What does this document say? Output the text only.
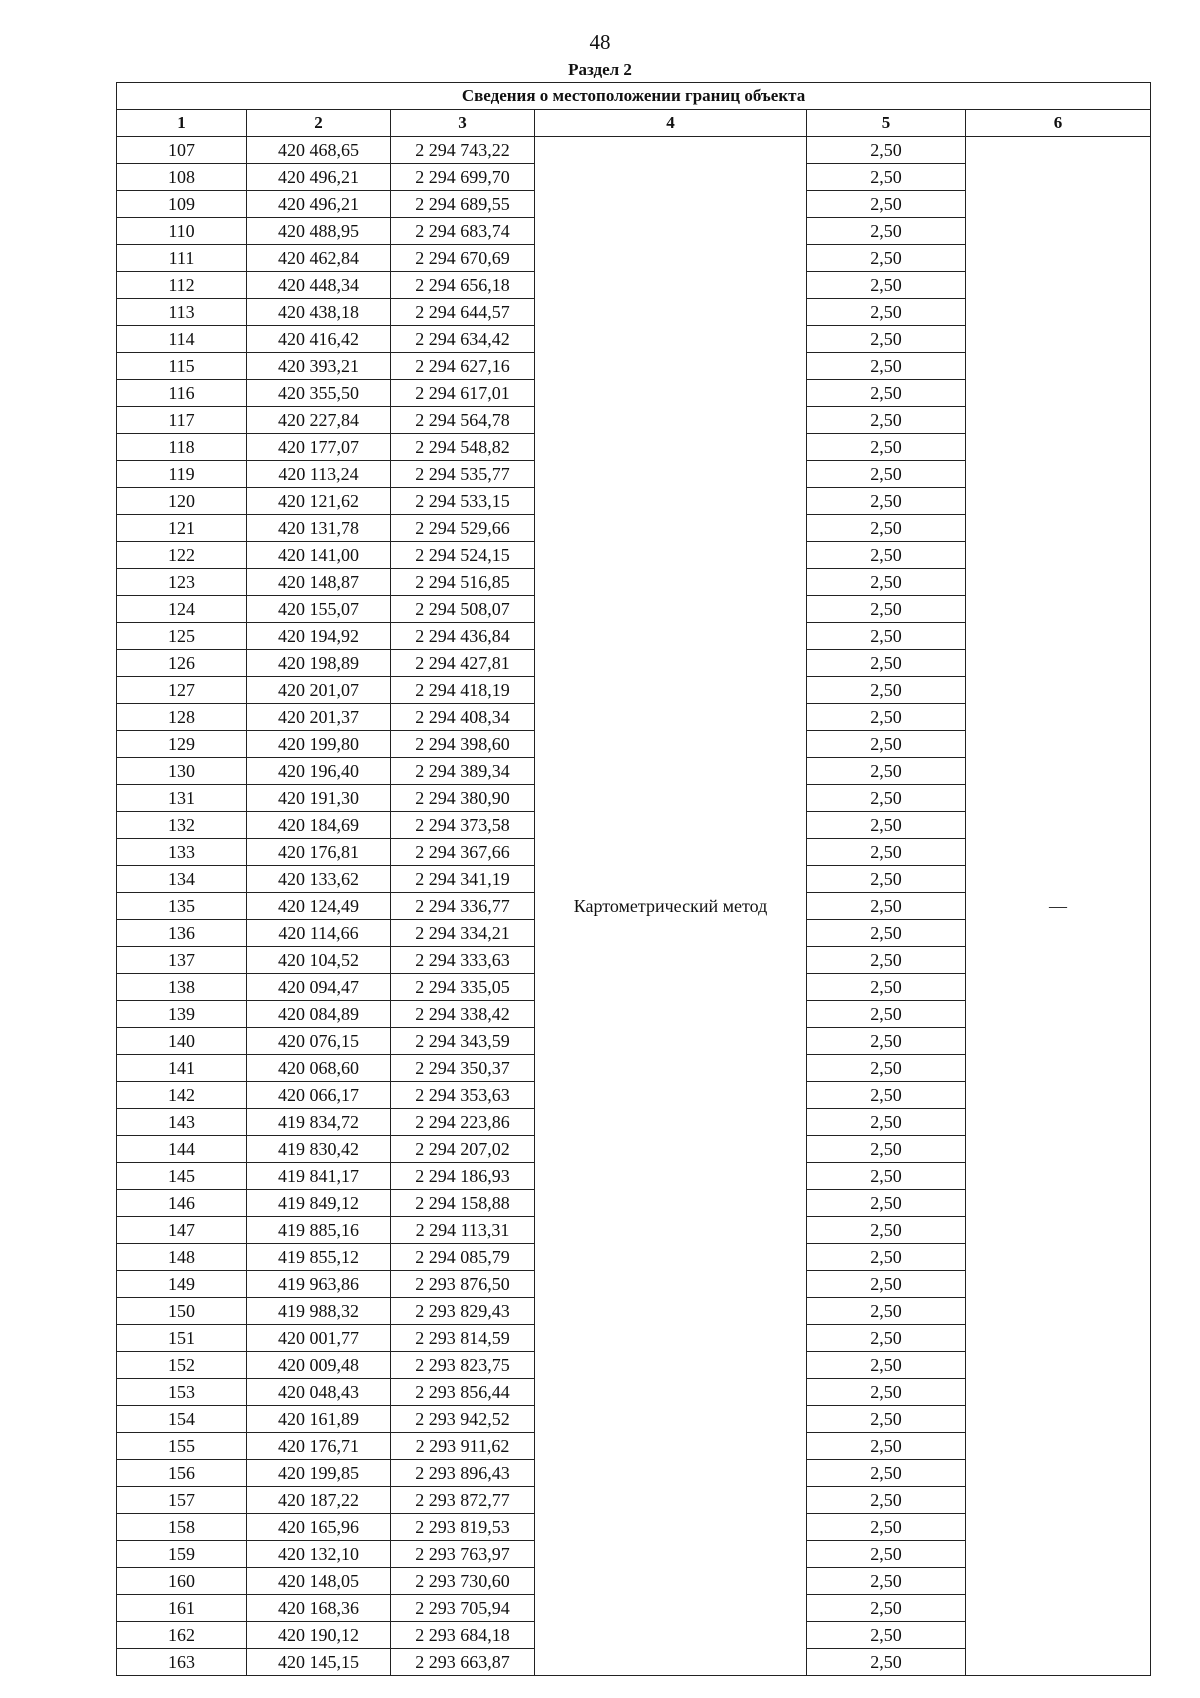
48
Раздел 2
Сведения о местоположении границ объекта					
1	2	3	4	5	6
107	420 468,65	2 294 743,22	Картометрический метод	2,50	—
108	420 496,21	2 294 699,70		2,50	
109	420 496,21	2 294 689,55		2,50	
110	420 488,95	2 294 683,74		2,50	
111	420 462,84	2 294 670,69		2,50	
112	420 448,34	2 294 656,18		2,50	
113	420 438,18	2 294 644,57		2,50	
114	420 416,42	2 294 634,42		2,50	
115	420 393,21	2 294 627,16		2,50	
116	420 355,50	2 294 617,01		2,50	
117	420 227,84	2 294 564,78		2,50	
118	420 177,07	2 294 548,82		2,50	
119	420 113,24	2 294 535,77		2,50	
120	420 121,62	2 294 533,15		2,50	
121	420 131,78	2 294 529,66		2,50	
122	420 141,00	2 294 524,15		2,50	
123	420 148,87	2 294 516,85		2,50	
124	420 155,07	2 294 508,07		2,50	
125	420 194,92	2 294 436,84		2,50	
126	420 198,89	2 294 427,81		2,50	
127	420 201,07	2 294 418,19		2,50	
128	420 201,37	2 294 408,34		2,50	
129	420 199,80	2 294 398,60		2,50	
130	420 196,40	2 294 389,34		2,50	
131	420 191,30	2 294 380,90		2,50	
132	420 184,69	2 294 373,58		2,50	
133	420 176,81	2 294 367,66		2,50	
134	420 133,62	2 294 341,19		2,50	
135	420 124,49	2 294 336,77		2,50	
136	420 114,66	2 294 334,21		2,50	
137	420 104,52	2 294 333,63		2,50	
138	420 094,47	2 294 335,05		2,50	
139	420 084,89	2 294 338,42		2,50	
140	420 076,15	2 294 343,59		2,50	
141	420 068,60	2 294 350,37		2,50	
142	420 066,17	2 294 353,63		2,50	
143	419 834,72	2 294 223,86		2,50	
144	419 830,42	2 294 207,02		2,50	
145	419 841,17	2 294 186,93		2,50	
146	419 849,12	2 294 158,88		2,50	
147	419 885,16	2 294 113,31		2,50	
148	419 855,12	2 294 085,79		2,50	
149	419 963,86	2 293 876,50		2,50	
150	419 988,32	2 293 829,43		2,50	
151	420 001,77	2 293 814,59		2,50	
152	420 009,48	2 293 823,75		2,50	
153	420 048,43	2 293 856,44		2,50	
154	420 161,89	2 293 942,52		2,50	
155	420 176,71	2 293 911,62		2,50	
156	420 199,85	2 293 896,43		2,50	
157	420 187,22	2 293 872,77		2,50	
158	420 165,96	2 293 819,53		2,50	
159	420 132,10	2 293 763,97		2,50	
160	420 148,05	2 293 730,60		2,50	
161	420 168,36	2 293 705,94		2,50	
162	420 190,12	2 293 684,18		2,50	
163	420 145,15	2 293 663,87		2,50	
